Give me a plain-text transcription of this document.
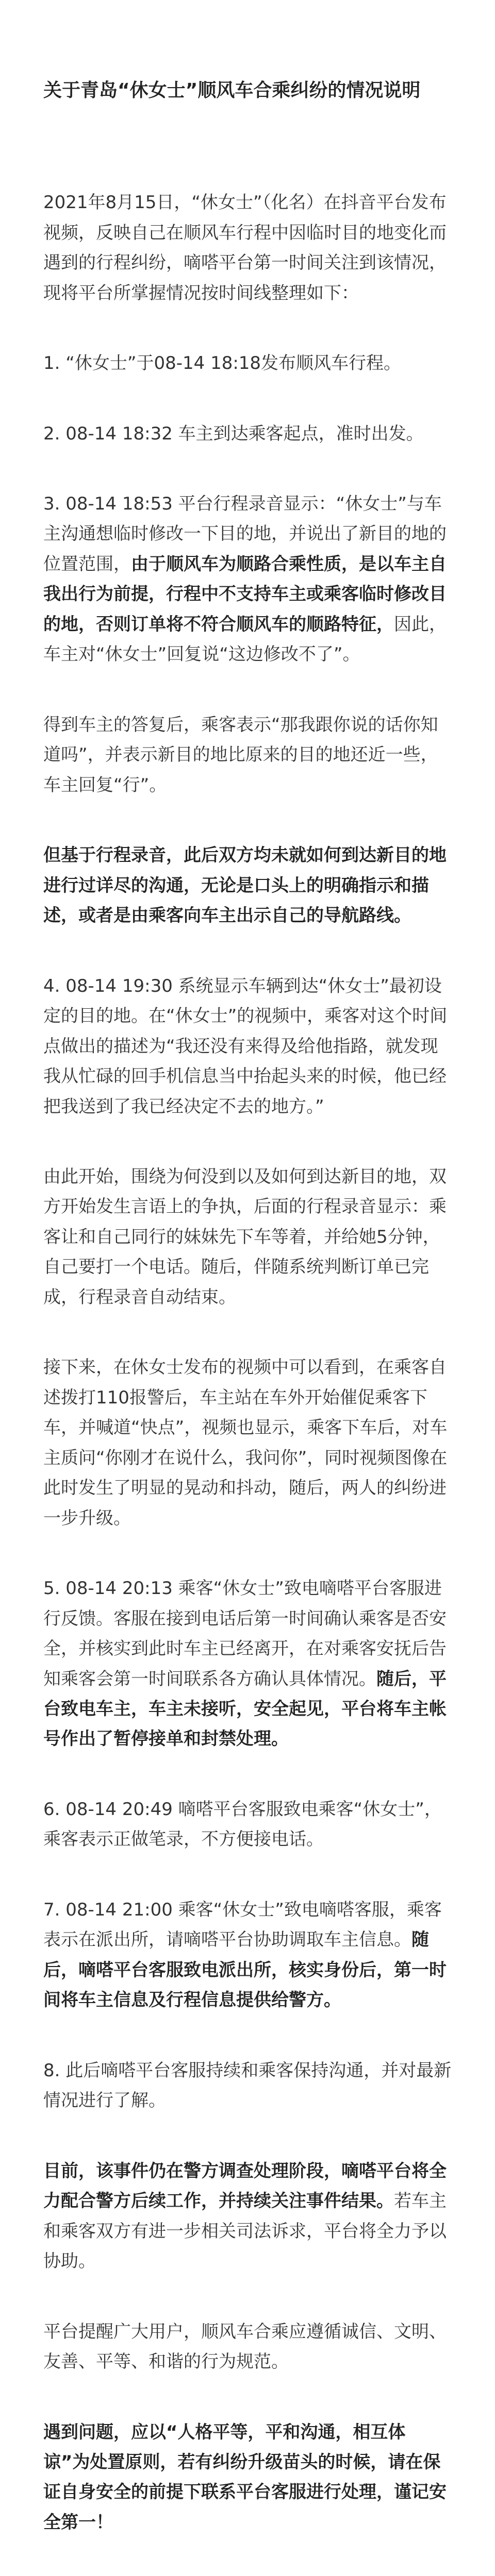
关于青岛“休女士”顺风车合乘纠纷的情况说明

2021年8月15日，“休女士”（化名）在抖音平台发布视频，反映自己在顺风车行程中因临时目的地变化而遇到的行程纠纷，嘀嗒平台第一时间关注到该情况，现将平台所掌握情况按时间线整理如下：

1. “休女士”于08-14 18:18发布顺风车行程。

2. 08-14 18:32 车主到达乘客起点，准时出发。

3. 08-14 18:53 平台行程录音显示：“休女士”与车主沟通想临时修改一下目的地，并说出了新目的地的位置范围，由于顺风车为顺路合乘性质，是以车主自我出行为前提，行程中不支持车主或乘客临时修改目的地，否则订单将不符合顺风车的顺路特征，因此，车主对“休女士”回复说“这边修改不了”。

得到车主的答复后，乘客表示“那我跟你说的话你知道吗”，并表示新目的地比原来的目的地还近一些，车主回复“行”。

但基于行程录音，此后双方均未就如何到达新目的地进行过详尽的沟通，无论是口头上的明确指示和描述，或者是由乘客向车主出示自己的导航路线。

4. 08-14 19:30 系统显示车辆到达“休女士”最初设定的目的地。在“休女士”的视频中，乘客对这个时间点做出的描述为“我还没有来得及给他指路，就发现我从忙碌的回手机信息当中抬起头来的时候，他已经把我送到了我已经决定不去的地方。”

由此开始，围绕为何没到以及如何到达新目的地，双方开始发生言语上的争执，后面的行程录音显示：乘客让和自己同行的妹妹先下车等着，并给她5分钟，自己要打一个电话。随后，伴随系统判断订单已完成，行程录音自动结束。

接下来，在休女士发布的视频中可以看到，在乘客自述拨打110报警后，车主站在车外开始催促乘客下车，并喊道“快点”，视频也显示，乘客下车后，对车主质问“你刚才在说什么，我问你”，同时视频图像在此时发生了明显的晃动和抖动，随后，两人的纠纷进一步升级。

5. 08-14 20:13 乘客“休女士”致电嘀嗒平台客服进行反馈。客服在接到电话后第一时间确认乘客是否安全，并核实到此时车主已经离开，在对乘客安抚后告知乘客会第一时间联系各方确认具体情况。随后，平台致电车主，车主未接听，安全起见，平台将车主帐号作出了暂停接单和封禁处理。

6. 08-14 20:49 嘀嗒平台客服致电乘客“休女士”，乘客表示正做笔录，不方便接电话。

7. 08-14 21:00 乘客“休女士”致电嘀嗒客服，乘客表示在派出所，请嘀嗒平台协助调取车主信息。随后，嘀嗒平台客服致电派出所，核实身份后，第一时间将车主信息及行程信息提供给警方。

8. 此后嘀嗒平台客服持续和乘客保持沟通，并对最新情况进行了解。

目前，该事件仍在警方调查处理阶段，嘀嗒平台将全力配合警方后续工作，并持续关注事件结果。若车主和乘客双方有进一步相关司法诉求，平台将全力予以协助。

平台提醒广大用户，顺风车合乘应遵循诚信、文明、友善、平等、和谐的行为规范。

遇到问题，应以“人格平等，平和沟通，相互体谅”为处置原则，若有纠纷升级苗头的时候，请在保证自身安全的前提下联系平台客服进行处理，谨记安全第一！
